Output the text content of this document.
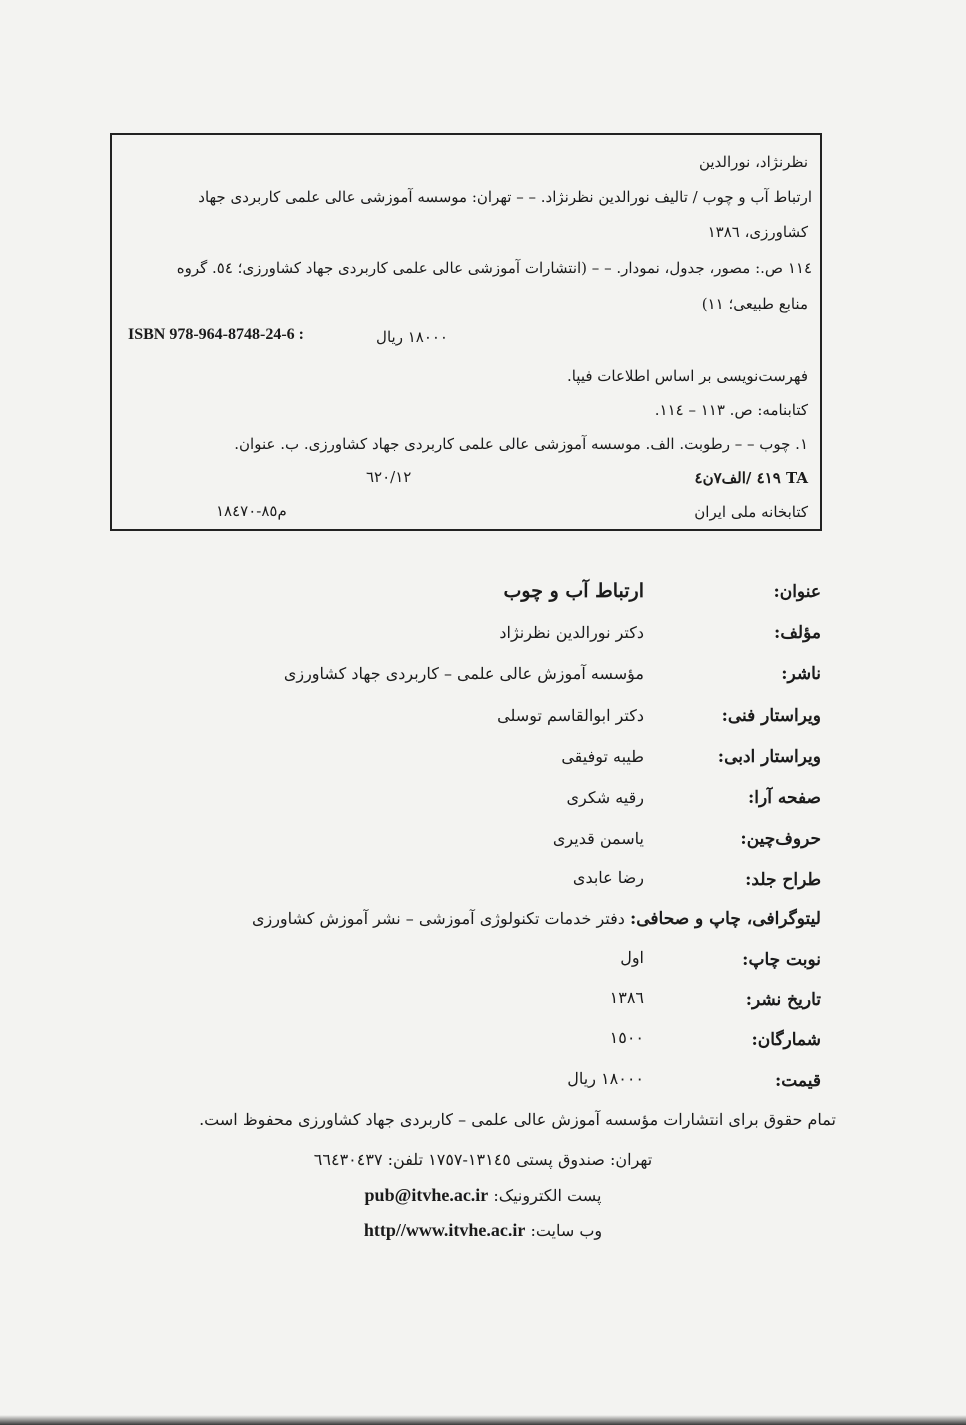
نظرنژاد، نورالدین
ارتباط آب و چوب / تالیف نورالدین نظرنژاد. – – تهران: موسسه آموزشی عالی علمی کاربردی جهاد
کشاورزی، ۱۳۸٦
۱۱٤ ص.: مصور، جدول، نمودار. – – (انتشارات آموزشی عالی علمی کاربردی جهاد کشاورزی؛ ٥٤. گروه
منابع طبیعی؛ ۱۱)
۱۸۰۰۰ ریال
ISBN 978-964-8748-24-6 :
فهرست‌نویسی بر اساس اطلاعات فیپا.
کتابنامه: ص. ۱۱۳ – ۱۱٤.
۱. چوب – – رطوبت. الف. موسسه آموزشی عالی علمی کاربردی جهاد کشاورزی. ب. عنوان.
TA ٤۱۹ /الف۷ن٤
٦۲۰/۱۲
کتابخانه ملی ایران
م۸٥-۱۸٤۷۰
عنوان:
ارتباط آب و چوب
مؤلف:
دکتر نورالدین نظرنژاد
ناشر:
مؤسسه آموزش عالی علمی – کاربردی جهاد کشاورزی
ویراستار فنی:
دکتر ابوالقاسم توسلی
ویراستار ادبی:
طیبه توفیقی
صفحه آرا:
رقیه شکری
حروف‌چین:
یاسمن قدیری
طراح جلد:
رضا عابدی
لیتوگرافی، چاپ و صحافی: دفتر خدمات تکنولوژی آموزشی – نشر آموزش کشاورزی
نوبت چاپ:
اول
تاریخ نشر:
۱۳۸٦
شمارگان:
۱٥۰۰
قیمت:
۱۸۰۰۰ ریال
تمام حقوق برای انتشارات مؤسسه آموزش عالی علمی – کاربردی جهاد کشاورزی محفوظ است.
تهران: صندوق پستی ۱۳۱٤٥-۱۷٥۷ تلفن: ٦٦٤۳۰٤۳۷
پست الکترونیک: pub@itvhe.ac.ir
وب سایت: http//www.itvhe.ac.ir
